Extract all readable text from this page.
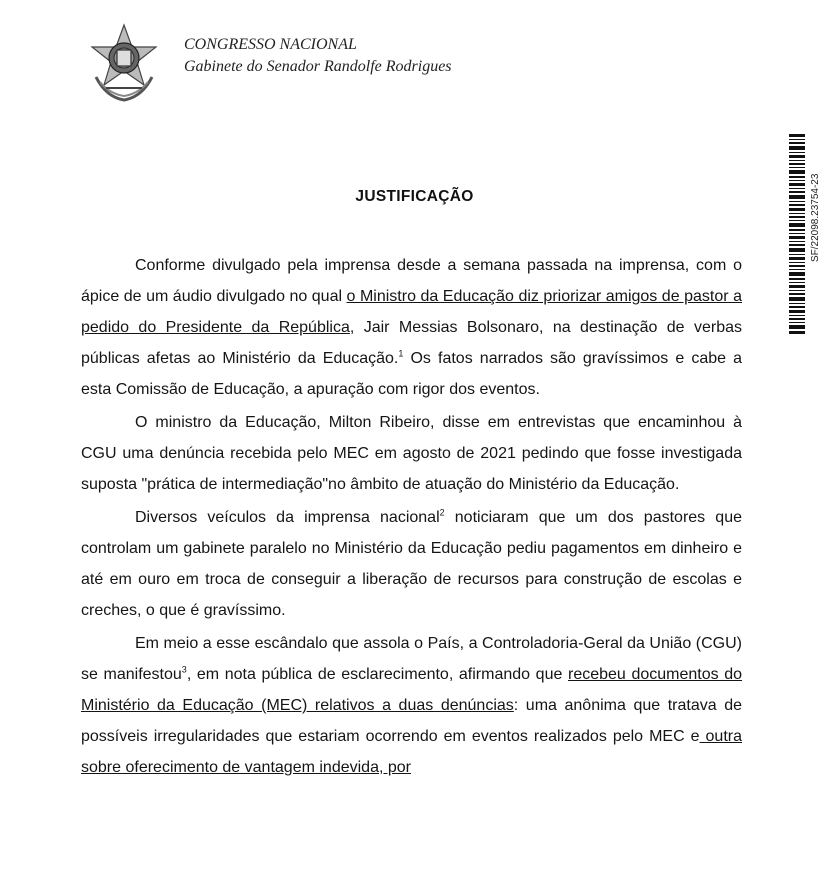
CONGRESSO NACIONAL
Gabinete do Senador Randolfe Rodrigues
SF/22098.23754-23
JUSTIFICAÇÃO

Conforme divulgado pela imprensa desde a semana passada na imprensa, com o ápice de um áudio divulgado no qual o Ministro da Educação diz priorizar amigos de pastor a pedido do Presidente da República, Jair Messias Bolsonaro, na destinação de verbas públicas afetas ao Ministério da Educação.$^1$ Os fatos narrados são gravíssimos e cabe a esta Comissão de Educação, a apuração com rigor dos eventos.

O ministro da Educação, Milton Ribeiro, disse em entrevistas que encaminhou à CGU uma denúncia recebida pelo MEC em agosto de 2021 pedindo que fosse investigada suposta "prática de intermediação"no âmbito de atuação do Ministério da Educação.

Diversos veículos da imprensa nacional$^2$ noticiaram que um dos pastores que controlam um gabinete paralelo no Ministério da Educação pediu pagamentos em dinheiro e até em ouro em troca de conseguir a liberação de recursos para construção de escolas e creches, o que é gravíssimo.

Em meio a esse escândalo que assola o País, a Controladoria-Geral da União (CGU) se manifestou$^3$, em nota pública de esclarecimento, afirmando que recebeu documentos do Ministério da Educação (MEC) relativos a duas denúncias: uma anônima que tratava de possíveis irregularidades que estariam ocorrendo em eventos realizados pelo MEC e outra sobre oferecimento de vantagem indevida, por
